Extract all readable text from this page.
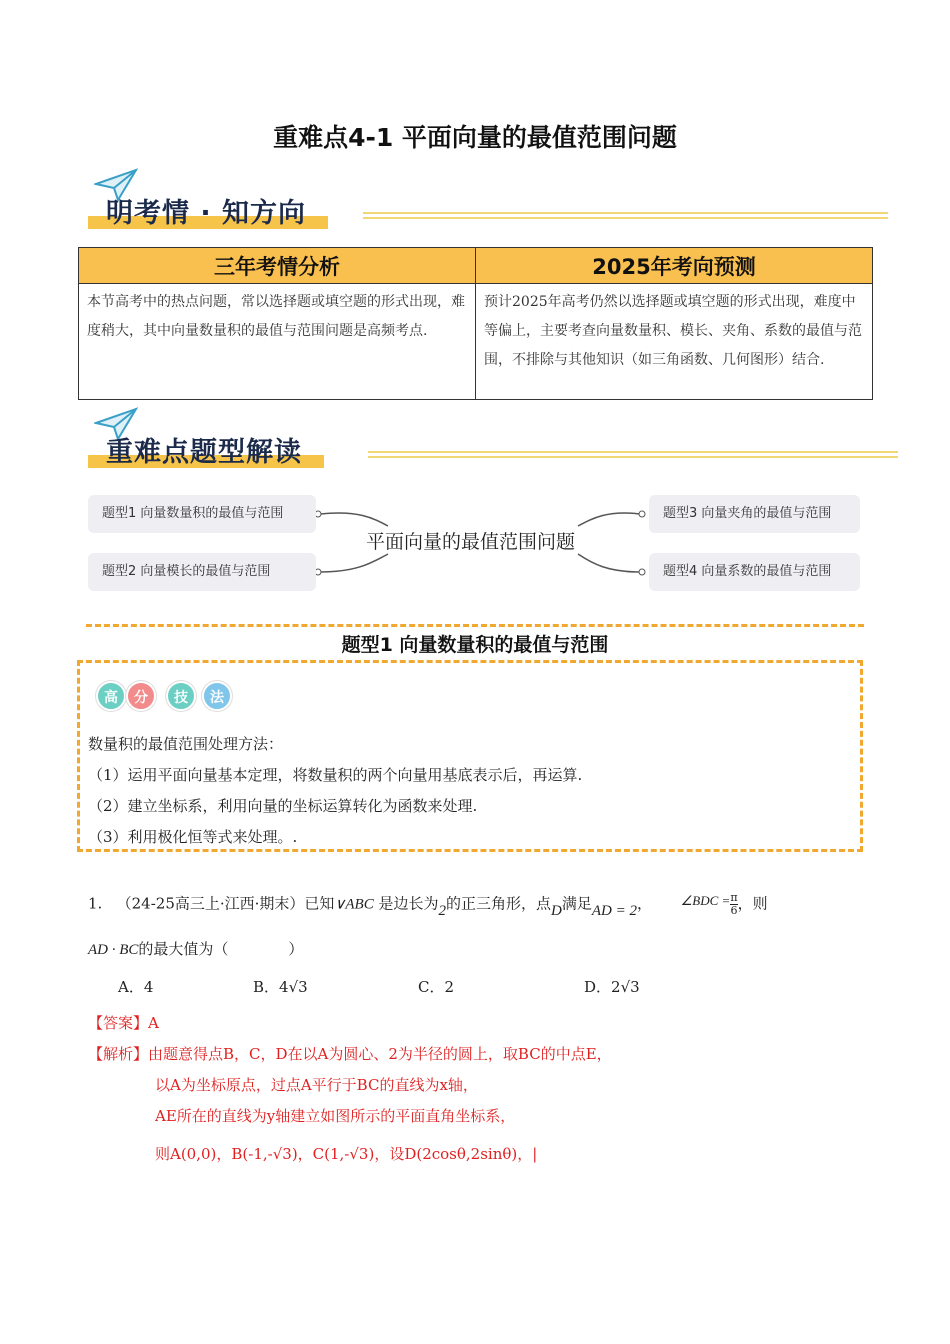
重难点4-1 平面向量的最值范围问题
明考情 · 知方向
三年考情分析	2025年考向预测
本节高考中的热点问题，常以选择题或填空题的形式出现，难度稍大，其中向量数量积的最值与范围问题是高频考点.	预计2025年高考仍然以选择题或填空题的形式出现，难度中等偏上，主要考查向量数量积、模长、夹角、系数的最值与范围，不排除与其他知识（如三角函数、几何图形）结合.
重难点题型解读
题型1 向量数量积的最值与范围
题型2 向量模长的最值与范围
题型3 向量夹角的最值与范围
题型4 向量系数的最值与范围
平面向量的最值范围问题
题型1 向量数量积的最值与范围
高	分	技	法

数量积的最值范围处理方法：

（1）运用平面向量基本定理，将数量积的两个向量用基底表示后，再运算.

（2）建立坐标系，利用向量的坐标运算转化为函数来处理.

（3）利用极化恒等式来处理。.

1. （24-25高三上·江西·期末）已知∨ABC 是边长为2的正三角形，点D满足AD = 2， ∠BDC = $\frac{\pi}{6}$ ，则
AD · BC的最大值为（　　　　）
A．4	B．4√3	C．2	D．2√3
【答案】A
【解析】由题意得点B，C，D在以A为圆心、2为半径的圆上，取BC的中点E，
以A为坐标原点，过点A平行于BC的直线为x轴，
AE所在的直线为y轴建立如图所示的平面直角坐标系，
则A(0,0)，B(-1,-√3)，C(1,-√3)，设D(2cosθ,2sinθ)，|
